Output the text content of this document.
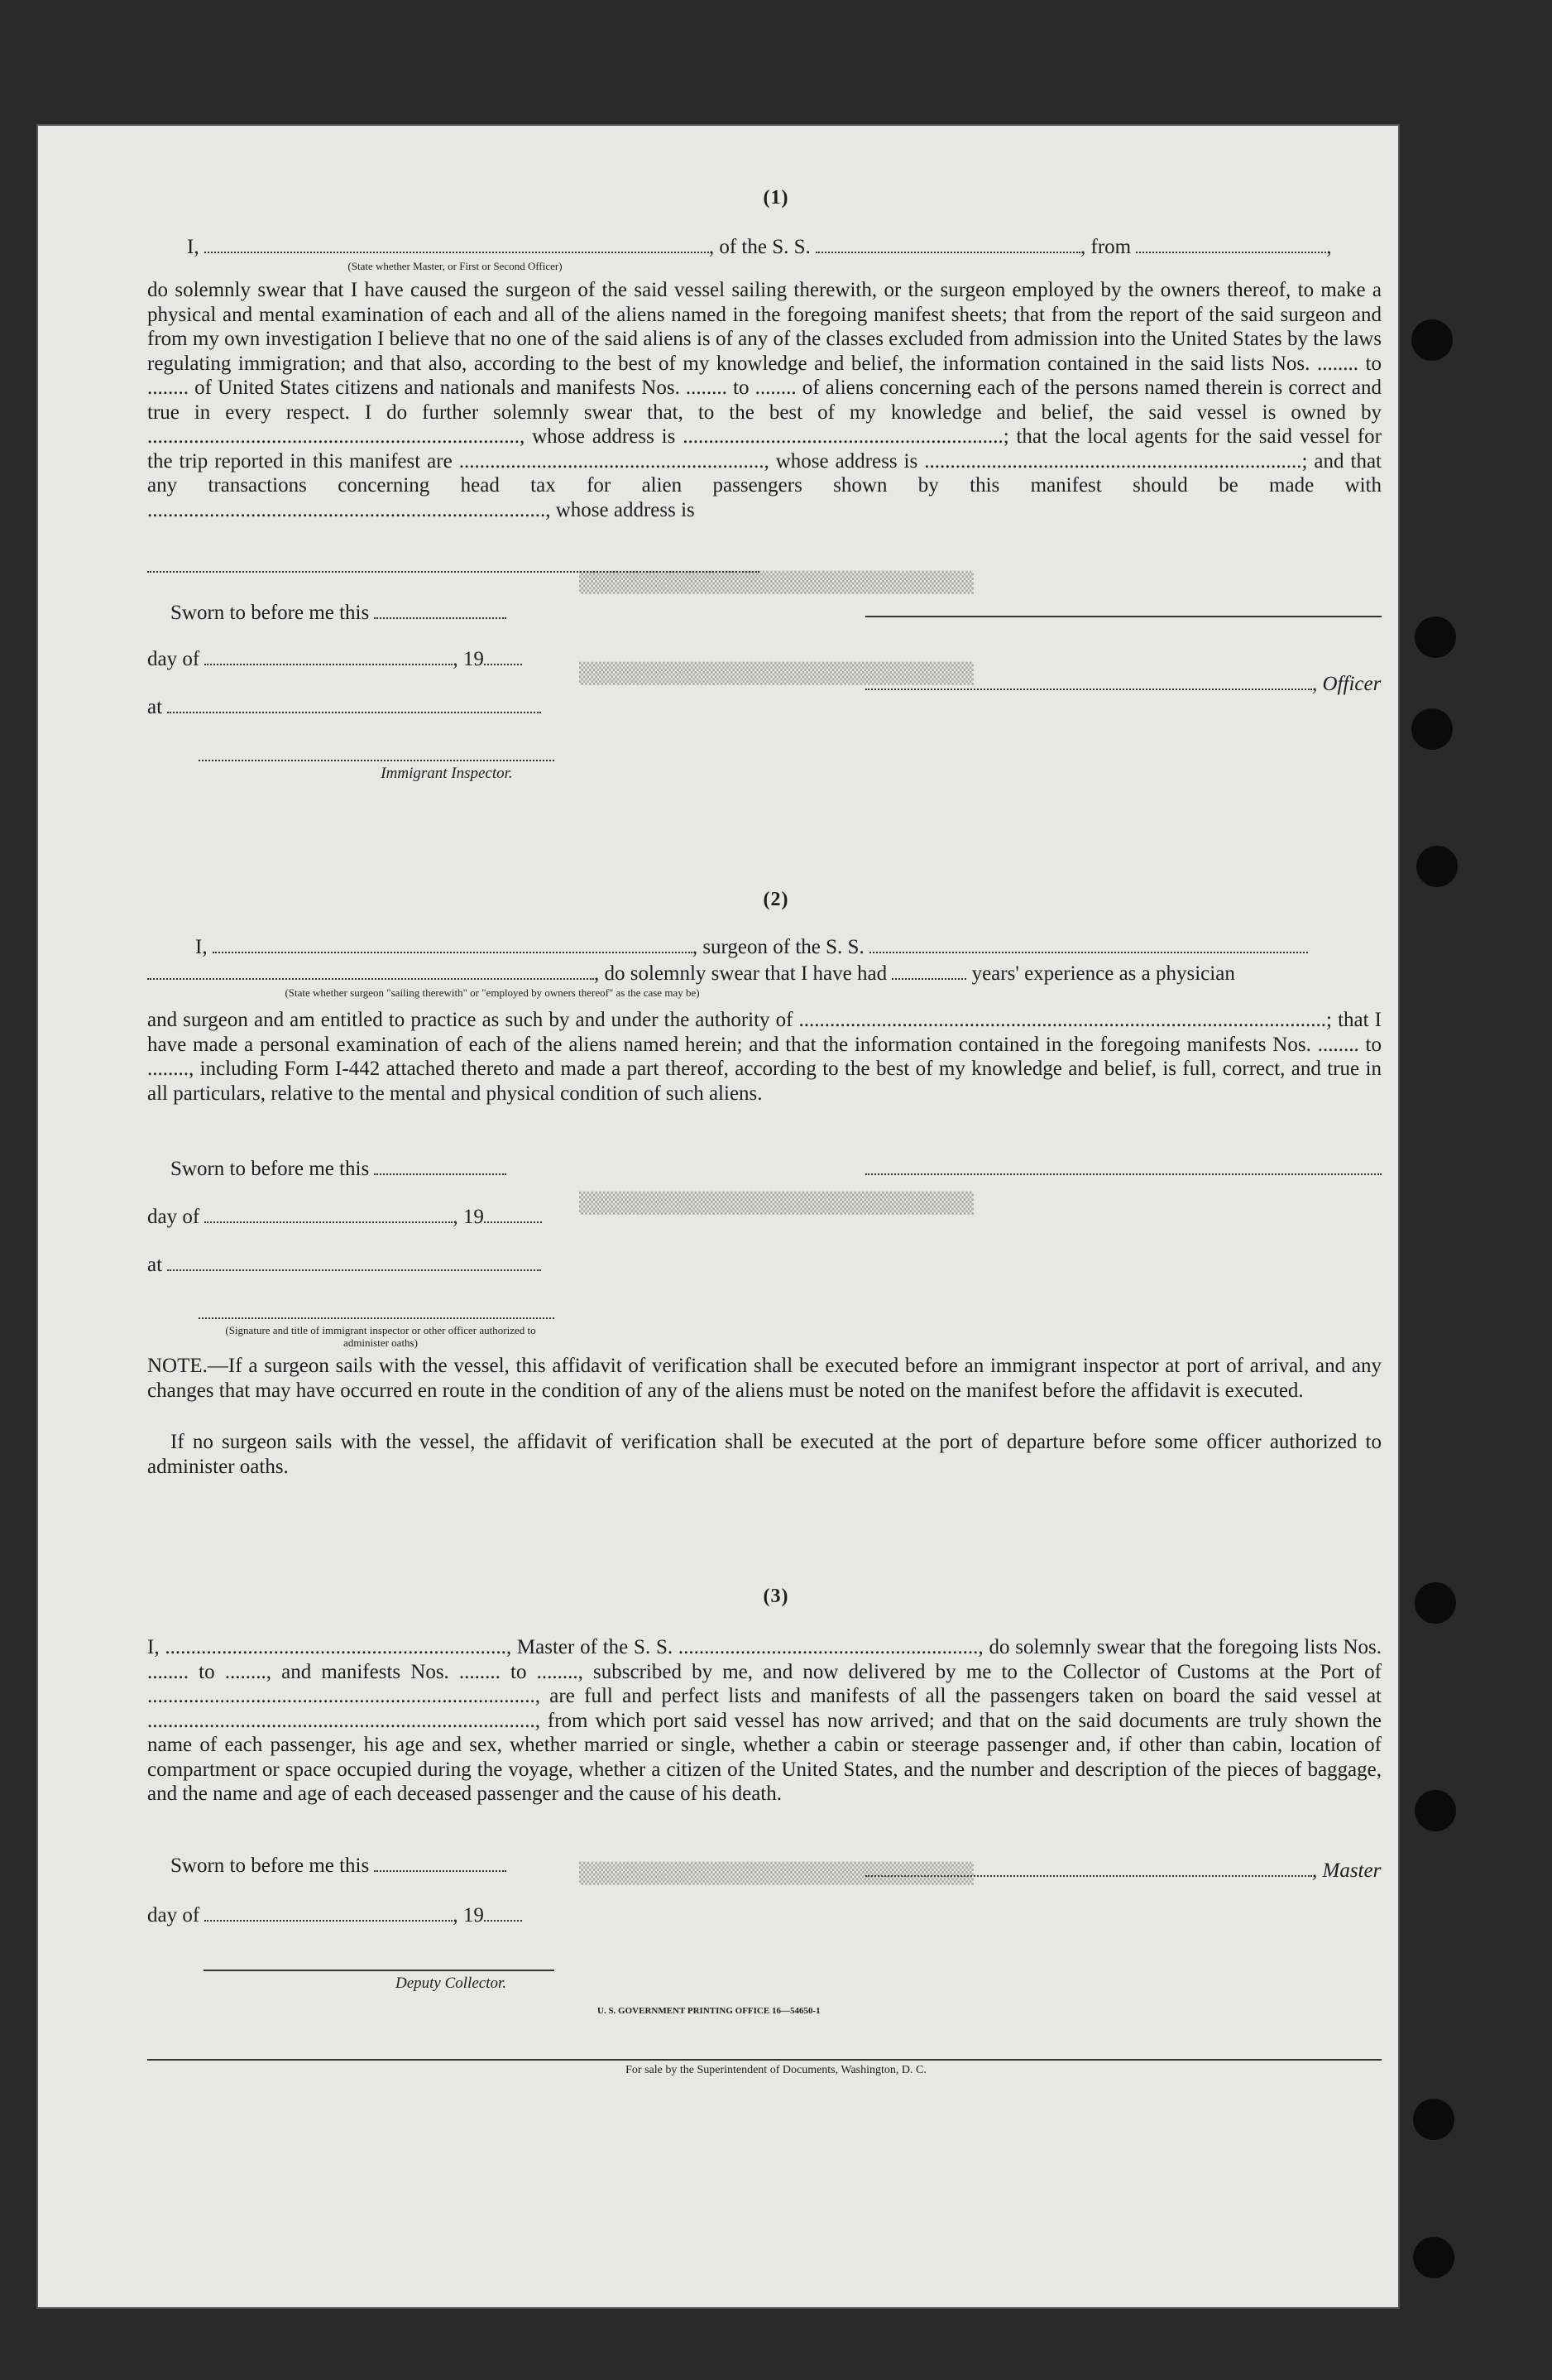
▒▒▒▒▒▒▒▒▒▒▒▒▒▒▒▒▒▒▒▒▒▒▒▒▒▒▒▒▒▒▒▒▒
▒▒▒▒▒▒▒▒▒▒▒▒▒▒▒▒▒▒▒▒▒▒▒▒▒▒▒▒▒▒▒▒▒
▒▒▒▒▒▒▒▒▒▒▒▒▒▒▒▒▒▒▒▒▒▒▒▒▒▒▒▒▒▒▒▒▒
▒▒▒▒▒▒▒▒▒▒▒▒▒▒▒▒▒▒▒▒▒▒▒▒▒▒▒▒▒▒▒▒▒
(1)
I,	, of the S. S.	, from	,
(State whether Master, or First or Second Officer)
do solemnly swear that I have caused the surgeon of the said vessel sailing therewith, or the surgeon employed by the owners thereof, to make a physical and mental examination of each and all of the aliens named in the foregoing manifest sheets; that from the report of the said surgeon and from my own investigation I believe that no one of the said aliens is of any of the classes excluded from admission into the United States by the laws regulating immigration; and that also, according to the best of my knowledge and belief, the information contained in the said lists Nos. ........ to ........ of United States citizens and nationals and manifests Nos. ........ to ........ of aliens concerning each of the persons named therein is correct and true in every respect. I do further solemnly swear that, to the best of my knowledge and belief, the said vessel is owned by ........................................................................, whose address is ..............................................................; that the local agents for the said vessel for the trip reported in this manifest are ..........................................................., whose address is .........................................................................; and that any transactions concerning head tax for alien passengers shown by this manifest should be made with ............................................................................., whose address is
Sworn to before me this
day of	, 19
, Officer
at
Immigrant Inspector.
(2)
I,	, surgeon of the S. S.
, do solemnly swear that I have had	years' experience as a physician
(State whether surgeon "sailing therewith" or "employed by owners thereof" as the case may be)
and surgeon and am entitled to practice as such by and under the authority of ......................................................................................................; that I have made a personal examination of each of the aliens named herein; and that the information contained in the foregoing manifests Nos. ........ to ........, including Form I-442 attached thereto and made a part thereof, according to the best of my knowledge and belief, is full, correct, and true in all particulars, relative to the mental and physical condition of such aliens.
Sworn to before me this
day of	, 19
at
(Signature and title of immigrant inspector or other officer authorized to administer oaths)
NOTE.—If a surgeon sails with the vessel, this affidavit of verification shall be executed before an immigrant inspector at port of arrival, and any changes that may have occurred en route in the condition of any of the aliens must be noted on the manifest before the affidavit is executed.
If no surgeon sails with the vessel, the affidavit of verification shall be executed at the port of departure before some officer authorized to administer oaths.
(3)
I, .................................................................., Master of the S. S. .........................................................., do solemnly swear that the foregoing lists Nos. ........ to ........, and manifests Nos. ........ to ........, subscribed by me, and now delivered by me to the Collector of Customs at the Port of ..........................................................................., are full and perfect lists and manifests of all the passengers taken on board the said vessel at ..........................................................................., from which port said vessel has now arrived; and that on the said documents are truly shown the name of each passenger, his age and sex, whether married or single, whether a cabin or steerage passenger and, if other than cabin, location of compartment or space occupied during the voyage, whether a citizen of the United States, and the number and description of the pieces of baggage, and the name and age of each deceased passenger and the cause of his death.
Sworn to before me this	, Master
day of	, 19
Deputy Collector.
U. S. GOVERNMENT PRINTING OFFICE 16—54650-1
For sale by the Superintendent of Documents, Washington, D. C.
